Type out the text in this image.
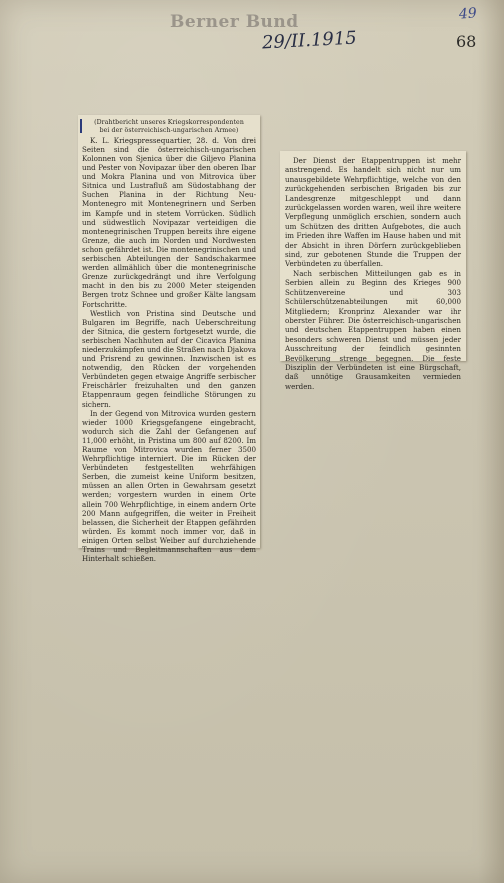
Berner Bund
29/II.1915
49
68

(Drahtbericht unseres Kriegskorrespondenten

bei der österreichisch-ungarischen Armee)

K. L. Kriegspressequartier, 28. d. Von drei Seiten sind die österreichisch-ungarischen Kolonnen von Sjenica über die Giljevo Planina und Pester von Novipazar über den oberen Ibar und Mokra Planina und von Mitrovica über Sitnica und Lustrafluß am Südostabhang der Suchen Planina in der Richtung Neu-Montenegro mit Montenegrinern und Serben im Kampfe und in stetem Vorrücken. Südlich und südwestlich Novipazar verteidigen die montenegrinischen Truppen bereits ihre eigene Grenze, die auch im Norden und Nordwesten schon gefährdet ist. Die montenegrinischen und serbischen Abteilungen der Sandschakarmee werden allmählich über die montenegrinische Grenze zurückgedrängt und ihre Verfolgung macht in den bis zu 2000 Meter steigenden Bergen trotz Schnee und großer Kälte langsam Fortschritte.

Westlich von Pristina sind Deutsche und Bulgaren im Begriffe, nach Ueberschreitung der Sitnica, die gestern fortgesetzt wurde, die serbischen Nachhuten auf der Cicavica Planina niederzukämpfen und die Straßen nach Djakova und Prisrend zu gewinnen. Inzwischen ist es notwendig, den Rücken der vorgehenden Verbündeten gegen etwaige Angriffe serbischer Freischärler freizuhalten und den ganzen Etappenraum gegen feindliche Störungen zu sichern.

In der Gegend von Mitrovica wurden gestern wieder 1000 Kriegsgefangene eingebracht, wodurch sich die Zahl der Gefangenen auf 11,000 erhöht, in Pristina um 800 auf 8200. Im Raume von Mitrovica wurden ferner 3500 Wehrpflichtige interniert. Die im Rücken der Verbündeten festgestellten wehrfähigen Serben, die zumeist keine Uniform besitzen, müssen an allen Orten in Gewahrsam gesetzt werden; vorgestern wurden in einem Orte allein 700 Wehrpflichtige, in einem andern Orte 200 Mann aufgegriffen, die weiter in Freiheit belassen, die Sicherheit der Etappen gefährden würden. Es kommt noch immer vor, daß in einigen Orten selbst Weiber auf durchziehende Trains und Begleitmannschaften aus dem Hinterhalt schießen.

Der Dienst der Etappentruppen ist mehr anstrengend. Es handelt sich nicht nur um unausgebildete Wehrpflichtige, welche von den zurückgehenden serbischen Brigaden bis zur Landesgrenze mitgeschleppt und dann zurückgelassen worden waren, weil ihre weitere Verpflegung unmöglich erschien, sondern auch um Schützen des dritten Aufgebotes, die auch im Frieden ihre Waffen im Hause haben und mit der Absicht in ihren Dörfern zurückgeblieben sind, zur gebotenen Stunde die Truppen der Verbündeten zu überfallen.

Nach serbischen Mitteilungen gab es in Serbien allein zu Beginn des Krieges 900 Schützenvereine und 303 Schülerschützenabteilungen mit 60,000 Mitgliedern; Kronprinz Alexander war ihr oberster Führer. Die österreichisch-ungarischen und deutschen Etappentruppen haben einen besonders schweren Dienst und müssen jeder Ausschreitung der feindlich gesinnten Bevölkerung strenge begegnen. Die feste Disziplin der Verbündeten ist eine Bürgschaft, daß unnötige Grausamkeiten vermieden werden.
